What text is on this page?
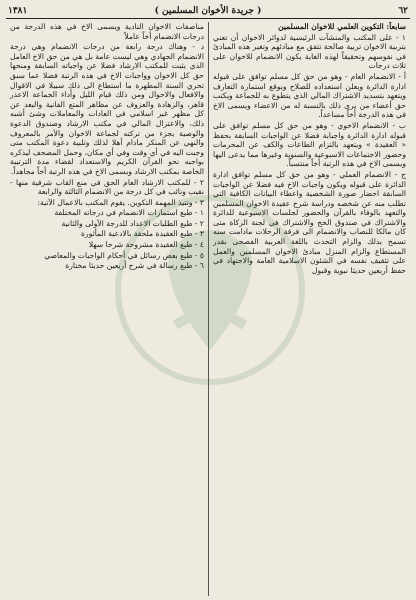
٦٢
( جريدة الأخوان المسلمين )
١٣٨١

سابعاً: التكوين العلمي للاخوان المسلمين

١ - على المكتب والمنشآت الرئيسية لدوائر الاخوان أن تعني بتربية الاخوان تربية صالحة تتفق مع مبادئهم وتغير هذه المبادئ في نفوسهم وتحقيقاً لهذه الغاية يكون الانضمام للاخوان على ثلاث درجات

أ - الانضمام العام - وهو من حق كل مسلم توافق على قبوله ادارة الدائرة ويعلن استعداده للصلاح ويوقع استمارة التعارف ويتعهد بتسديد الاشتراك المالي الذي يتطوع به للجماعة ويكتب حق أعضاء من يرى ذلك بالنسبة له من الاعضاء ويسمى الاخ في هذه الدرجة أخاً مساعداً.

ب - الانضمام الاخوي - وهو من حق كل مسلم توافق على قبوله ادارة الدائرة واجبابة فضلا عن الواجبات السابقة بحفظ « العقيدة » ويتعهد بالتزام الطاعات والكف عن المحرمات وحضور الاجتماعات الاسبوعية والسنوية وغيرها مما يدعى اليها ويسمى الاخ في هذه الرتبة أخاً منتسباً.

ج - الانضمام العملي - وهو من حق كل مسلم توافق ادارة الدائرة على قبوله ويكون واجبات الاخ فيه فضلا عن الواجبات السابقة احضار صورة الشخصية واعطاء البيانات الكافية التي تطلب منه عن شخصه ودراسة شرح عقيدة الاخوان المسلمين والتعهد بالوفاء بالقرآن والحضور لجلسات الاسبوعية للدائرة والاشتراك في صندوق الحج والاشتراك في لجنة الزكاة متى كان مالكا للنصاب والانضمام الى فرقة الرحلات مادامت سنه تسمح بذلك والزام التحدث باللغة العربية الفصحى بقدر المستطاع والزام المنزل مبادئ الاخوان المسلمين والعمل على تثقيف نفسه في الشئون الاسلامية العامة والاجتهاد في حفظ أربعين حديثا نبوية وقبول

مناصفات الاخوان النادية ويسمى الاخ في هذه الدرجة من درجات الانضمام أخاً عاملاً

د - وهناك درجة رابعة من درجات الانضمام وهي درجة الانضمام الجهادي وهي ليست عامة بل هي من حق الاخ العامل الذي يثبت للمكتب الارشاد فضلا عن واجباته السابقة ومنحها حق كل الاخوان وواجبات الاخ في هذه الرتبة فضلا عما سبق تحري السنة المطهرة ما استطاع الى ذلك سبيلا في الاقوال والافعال والاحوال ومن ذلك قيام الليل وأداء الجماعة الاعذر قاهر، والزهادة والعزوف عن مظاهر المتع الفانية والبعد عن كل مظهر غير اسلامي في العادات والمعاملات وشئ أشبه ذلك، والاعتزال المالي في مكتب الارشاد وصندوق الدعوة والوصية بجزء من تركته لجماعة الاخوان والأمر بالمعروف والنهي عن المنكر مادام أهلا لذلك وتلبية دعوة المكتب متى وجبت اليه في أي وقت وفي أي مكان، وحمل المصحف ليذكره بواجبه نحو القرآن الكريم والاستعداد لقضاء مدة الترتيبة الخاصة بمكتب الارشاد ويسمى الاخ في هذه الرتبة أخاً مجاهداً.

٢ - للمكتب الارشاد العام الحق في منع القاب شرفية منها - نقيب ونائب في كل درجة من الانضمام الثالثة والرابعة

٣ - وتتيذ المهمة التكوين. يقوم المكتب بالاعمال الآتية:

١ - طبع استمارات الانضمام في درجاته المختلفة

٢ - طبع الطلبات الاعداد للدرجة الأولى والثانية

٣ - طبع العقيدة ملحقة بالادعية المأثورة

٤ - طبع العقيدة مشروحة شرحا سهلا

٥ - طبع بعض رسائل في أحكام الواجبات والمعاصي

٦ - طبع رسالة في شرح أربعين حديثا مختارة
